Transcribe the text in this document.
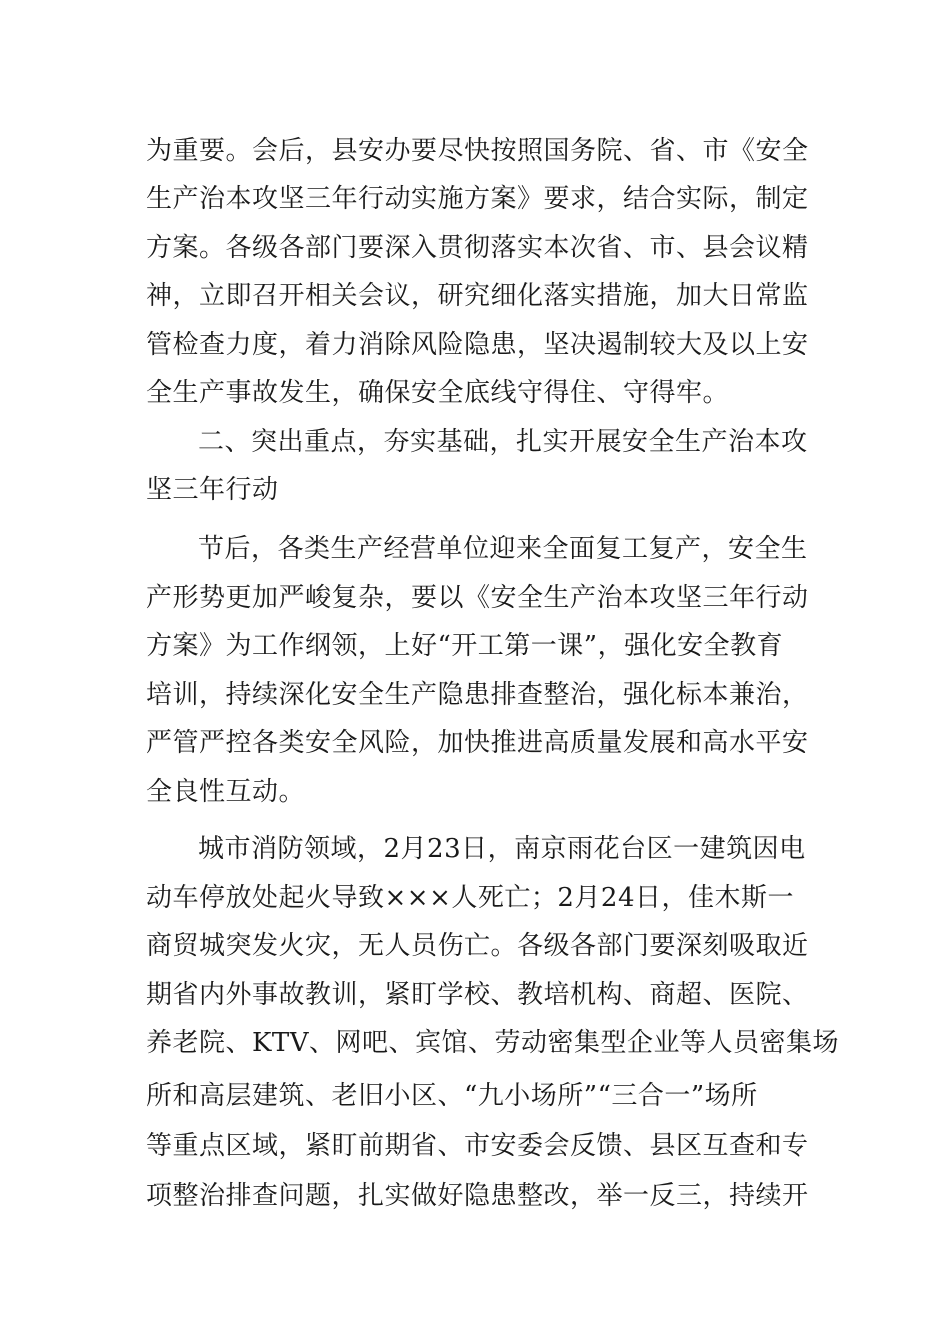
为重要。会后，县安办要尽快按照国务院、省、市《安全
生产治本攻坚三年行动实施方案》要求，结合实际，制定
方案。各级各部门要深入贯彻落实本次省、市、县会议精
神，立即召开相关会议，研究细化落实措施，加大日常监
管检查力度，着力消除风险隐患，坚决遏制较大及以上安
全生产事故发生，确保安全底线守得住、守得牢。
二、突出重点，夯实基础，扎实开展安全生产治本攻
坚三年行动
节后，各类生产经营单位迎来全面复工复产，安全生
产形势更加严峻复杂，要以《安全生产治本攻坚三年行动
方案》为工作纲领，上好“开工第一课”，强化安全教育
培训，持续深化安全生产隐患排查整治，强化标本兼治，
严管严控各类安全风险，加快推进高质量发展和高水平安
全良性互动。
城市消防领域，2月23日，南京雨花台区一建筑因电
动车停放处起火导致×××人死亡；2月24日，佳木斯一
商贸城突发火灾，无人员伤亡。各级各部门要深刻吸取近
期省内外事故教训，紧盯学校、教培机构、商超、医院、
养老院、KTV、网吧、宾馆、劳动密集型企业等人员密集场
所和高层建筑、老旧小区、“九小场所”“三合一”场所
等重点区域，紧盯前期省、市安委会反馈、县区互查和专
项整治排查问题，扎实做好隐患整改，举一反三，持续开
